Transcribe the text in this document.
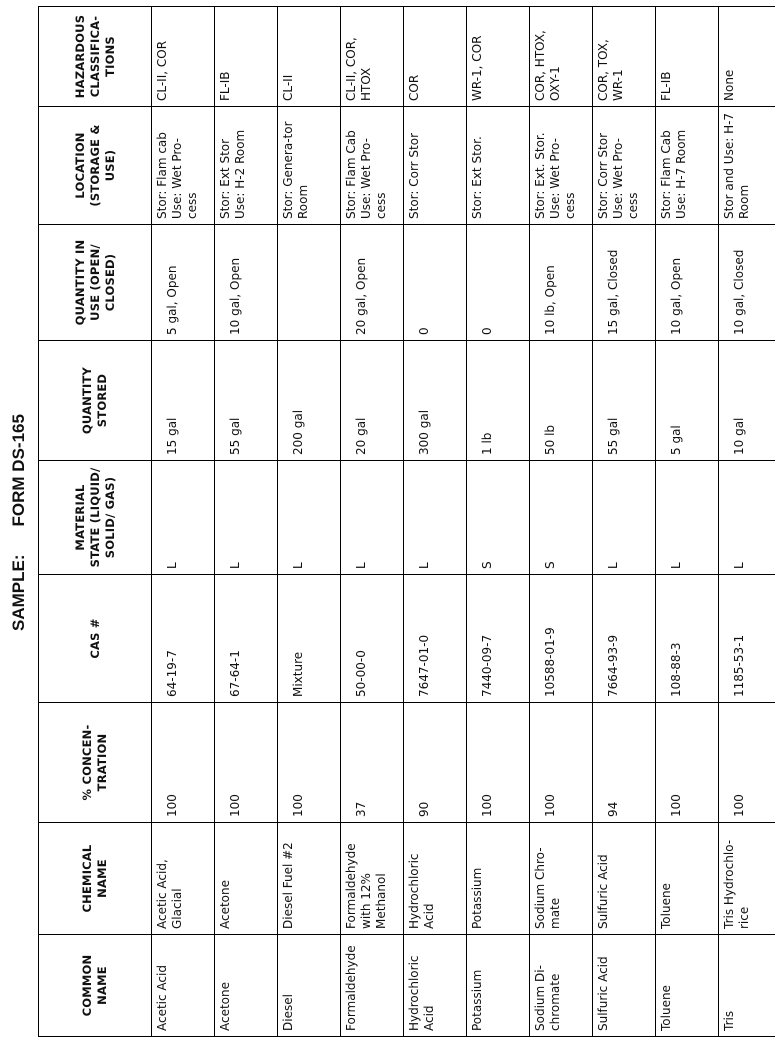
SAMPLE:FORM DS-165
COMMON NAME	CHEMICAL NAME	% CONCEN-TRATION	CAS #	MATERIAL STATE (LIQUID/ SOLID/ GAS)	QUANTITY STORED	QUANTITY IN USE (OPEN/ CLOSED)	LOCATION (STORAGE & USE)	HAZARDOUS CLASSIFICA-TIONS
Acetic Acid	Acetic Acid, Glacial	100	64-19-7	L	15 gal	5 gal, Open	Stor: Flam cab Use: Wet Pro-cess	CL-II, COR
Acetone	Acetone	100	67-64-1	L	55 gal	10 gal, Open	Stor: Ext Stor Use: H-2 Room	FL-IB
Diesel	Diesel Fuel #2	100	Mixture	L	200 gal		Stor: Genera-tor Room	CL-II
Formaldehyde	Formaldehyde with 12% Methanol	37	50-00-0	L	20 gal	20 gal, Open	Stor: Flam Cab Use: Wet Pro-cess	CL-II, COR, HTOX
Hydrochloric Acid	Hydrochloric Acid	90	7647-01-0	L	300 gal	0	Stor: Corr Stor	COR
Potassium	Potassium	100	7440-09-7	S	1 lb	0	Stor: Ext Stor.	WR-1, COR
Sodium Di-chromate	Sodium Chro-mate	100	10588-01-9	S	50 lb	10 lb, Open	Stor: Ext. Stor. Use: Wet Pro-cess	COR, HTOX, OXY-1
Sulfuric Acid	Sulfuric Acid	94	7664-93-9	L	55 gal	15 gal, Closed	Stor: Corr Stor Use: Wet Pro-cess	COR, TOX, WR-1
Toluene	Toluene	100	108-88-3	L	5 gal	10 gal, Open	Stor: Flam Cab Use: H-7 Room	FL-IB
Tris	Tris Hydrochlo-rice	100	1185-53-1	L	10 gal	10 gal, Closed	Stor and Use: H-7 Room	None
